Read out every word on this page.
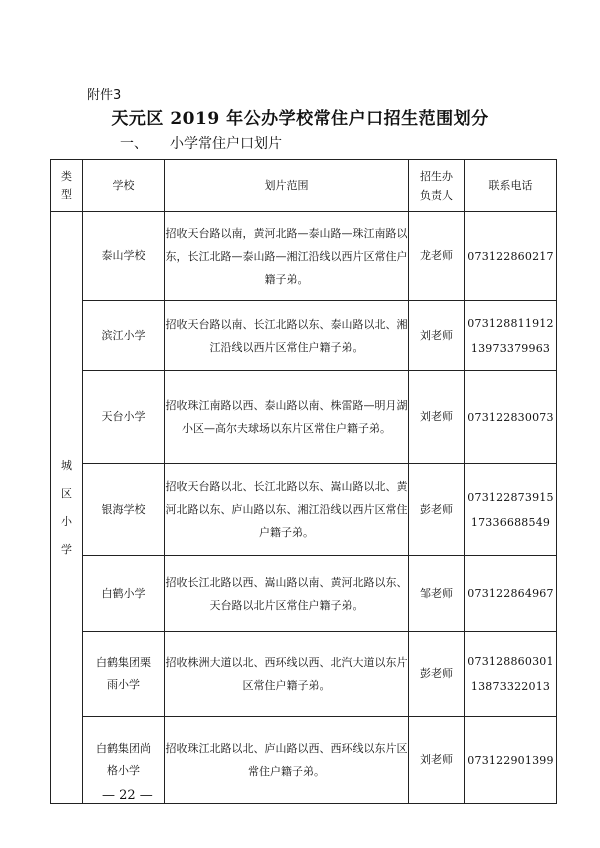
附件3
天元区 2019 年公办学校常住户口招生范围划分
一、 小学常住户口划片
类型	学校	划片范围	招生办负责人	联系电话

城区小学	泰山学校	招收天台路以南，黄河北路—泰山路—珠江南路以东，长江北路—泰山路—湘江沿线以西片区常住户籍子弟。	龙老师	073122860217

	滨江小学	招收天台路以南、长江北路以东、泰山路以北、湘江沿线以西片区常住户籍子弟。	刘老师	073128811912
13973379963

	天台小学	招收珠江南路以西、泰山路以南、株雷路—明月湖小区—高尔夫球场以东片区常住户籍子弟。	刘老师	073122830073

	银海学校	招收天台路以北、长江北路以东、嵩山路以北、黄河北路以东、庐山路以东、湘江沿线以西片区常住户籍子弟。	彭老师	073122873915
17336688549

	白鹤小学	招收长江北路以西、嵩山路以南、黄河北路以东、天台路以北片区常住户籍子弟。	邹老师	073122864967

	白鹤集团栗雨小学	招收株洲大道以北、西环线以西、北汽大道以东片区常住户籍子弟。	彭老师	073128860301
13873322013

	白鹤集团尚格小学	招收珠江北路以北、庐山路以西、西环线以东片区常住户籍子弟。	刘老师	073122901399
— 22 —
